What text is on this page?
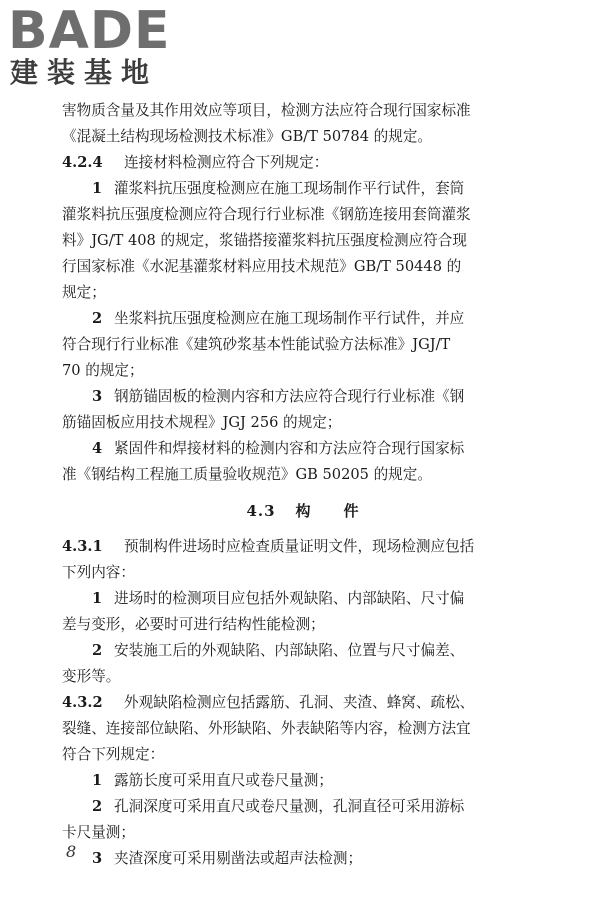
BADE
建装基地

害物质含量及其作用效应等项目，检测方法应符合现行国家标准

《混凝土结构现场检测技术标准》GB/T 50784 的规定。

4.2.4 连接材料检测应符合下列规定：

1 灌浆料抗压强度检测应在施工现场制作平行试件，套筒

灌浆料抗压强度检测应符合现行行业标准《钢筋连接用套筒灌浆

料》JG/T 408 的规定，浆锚搭接灌浆料抗压强度检测应符合现

行国家标准《水泥基灌浆材料应用技术规范》GB/T 50448 的

规定；

2 坐浆料抗压强度检测应在施工现场制作平行试件，并应

符合现行行业标准《建筑砂浆基本性能试验方法标准》JGJ/T

70 的规定；

3 钢筋锚固板的检测内容和方法应符合现行行业标准《钢

筋锚固板应用技术规程》JGJ 256 的规定；

4 紧固件和焊接材料的检测内容和方法应符合现行国家标

准《钢结构工程施工质量验收规范》GB 50205 的规定。

4.3 构　　件

4.3.1 预制构件进场时应检查质量证明文件，现场检测应包括

下列内容：

1 进场时的检测项目应包括外观缺陷、内部缺陷、尺寸偏

差与变形，必要时可进行结构性能检测；

2 安装施工后的外观缺陷、内部缺陷、位置与尺寸偏差、

变形等。

4.3.2 外观缺陷检测应包括露筋、孔洞、夹渣、蜂窝、疏松、

裂缝、连接部位缺陷、外形缺陷、外表缺陷等内容，检测方法宜

符合下列规定：

1 露筋长度可采用直尺或卷尺量测；

2 孔洞深度可采用直尺或卷尺量测，孔洞直径可采用游标

卡尺量测；

3 夹渣深度可采用剔凿法或超声法检测；

8
